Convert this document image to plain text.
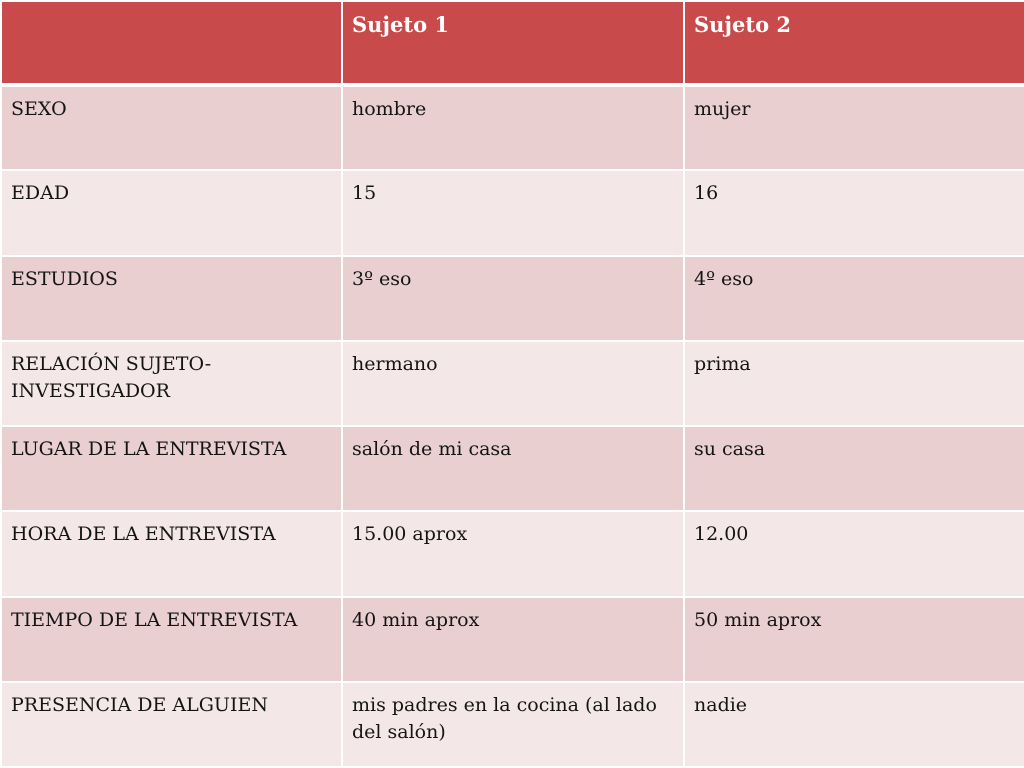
	Sujeto 1	Sujeto 2
SEXO	hombre	mujer
EDAD	15	16
ESTUDIOS	3º eso	4º eso
RELACIÓN SUJETO-INVESTIGADOR	hermano	prima
LUGAR DE LA ENTREVISTA	salón de mi casa	su casa
HORA DE LA ENTREVISTA	15.00 aprox	12.00
TIEMPO DE LA ENTREVISTA	40 min aprox	50 min aprox
PRESENCIA DE ALGUIEN	mis padres en la cocina (al lado del salón)	nadie
